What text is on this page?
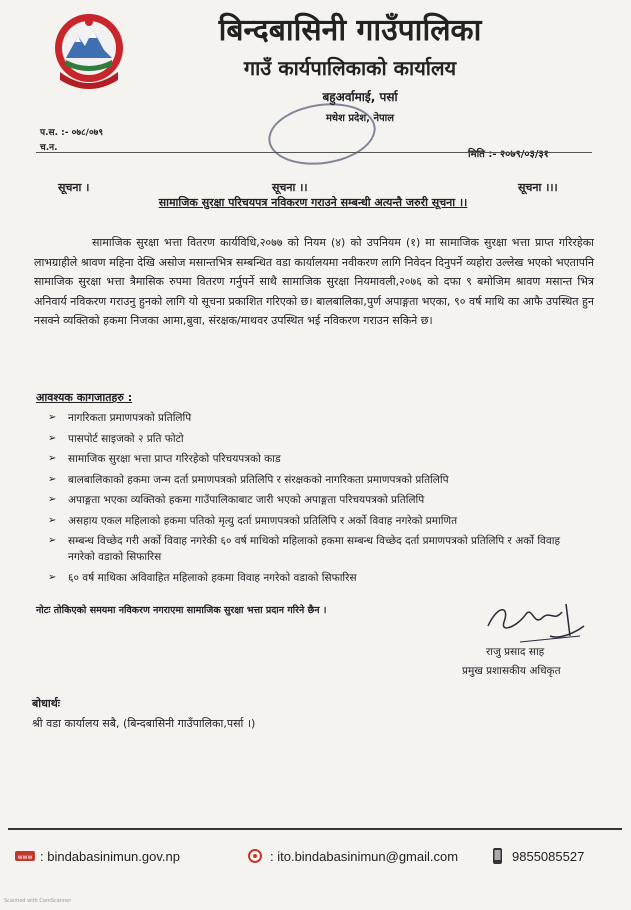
बिन्दबासिनी गाउँपालिका
गाउँ कार्यपालिकाको कार्यालय
बहुअर्वामाई, पर्सा
मधेश प्रदेश, नेपाल
प.स. :- ०७८/०७९
च.न.
मिति :- २०७९/०३/३१
सूचना ।	सूचना ।।	सूचना ।।।
सामाजिक सुरक्षा परिचयपत्र नविकरण गराउने सम्बन्धी अत्यन्तै जरुरी सूचना ।।
सामाजिक सुरक्षा भत्ता वितरण कार्यविधि,२०७७ को नियम (४) को उपनियम (१) मा सामाजिक सुरक्षा भत्ता प्राप्त गरिरहेका लाभग्राहीले श्रावण महिना देखि असोज मसान्तभित्र सम्बन्धित वडा कार्यालयमा नवीकरण लागि निवेदन दिनुपर्ने व्यहोरा उल्लेख भएको भएतापनि सामाजिक सुरक्षा भत्ता त्रैमासिक रुपमा वितरण गर्नुपर्ने साथै सामाजिक सुरक्षा नियमावली,२०७६ को दफा ९ बमोजिम श्रावण मसान्त भित्र अनिवार्य नविकरण गराउनु हुनको लागि यो सूचना प्रकाशित गरिएको छ। बालबालिका,पुर्ण अपाङ्गता भएका, ९० वर्ष माथि का आफै उपस्थित हुन नसक्ने व्यक्तिको हकमा निजका आमा,बुवा, संरक्षक/माथवर उपस्थित भई नविकरण गराउन सकिने छ।
आवश्यक कागजातहरु :
➢	नागरिकता प्रमाणपत्रको प्रतिलिपि
➢	पासपोर्ट साइजको २ प्रति फोटो
➢	सामाजिक सुरक्षा भत्ता प्राप्त गरिरहेको परिचयपत्रको काड
➢	बालबालिकाको हकमा जन्म दर्ता प्रमाणपत्रको प्रतिलिपि र संरक्षकको नागरिकता प्रमाणपत्रको प्रतिलिपि
➢	अपाङ्गता भएका व्यक्तिको हकमा गाउँपालिकाबाट जारी भएको अपाङ्गता परिचयपत्रको प्रतिलिपि
➢	असहाय एकल महिलाको हकमा पतिको मृत्यु दर्ता प्रमाणपत्रको प्रतिलिपि र अर्को विवाह नगरेको प्रमाणित
➢	सम्बन्ध विच्छेद गरी अर्को विवाह नगरेकी ६० वर्ष माथिको महिलाको हकमा सम्बन्ध विच्छेद दर्ता प्रमाणपत्रको प्रतिलिपि र अर्को विवाह नगरेको वडाको सिफारिस
➢	६० वर्ष माथिका अविवाहित महिलाको हकमा विवाह नगरेको वडाको सिफारिस
नोटः तोकिएको समयमा नविकरण नगराएमा सामाजिक सुरक्षा भत्ता प्रदान गरिने छैन ।
राजु प्रसाद साह
प्रमुख प्रशासकीय अधिकृत
बोधार्थः
श्री वडा कार्यालय सबै, (बिन्दबासिनी गाउँपालिका,पर्सा ।)
www : bindabasinimun.gov.np	: ito.bindabasinimun@gmail.com	9855085527
Scanned with CamScanner
